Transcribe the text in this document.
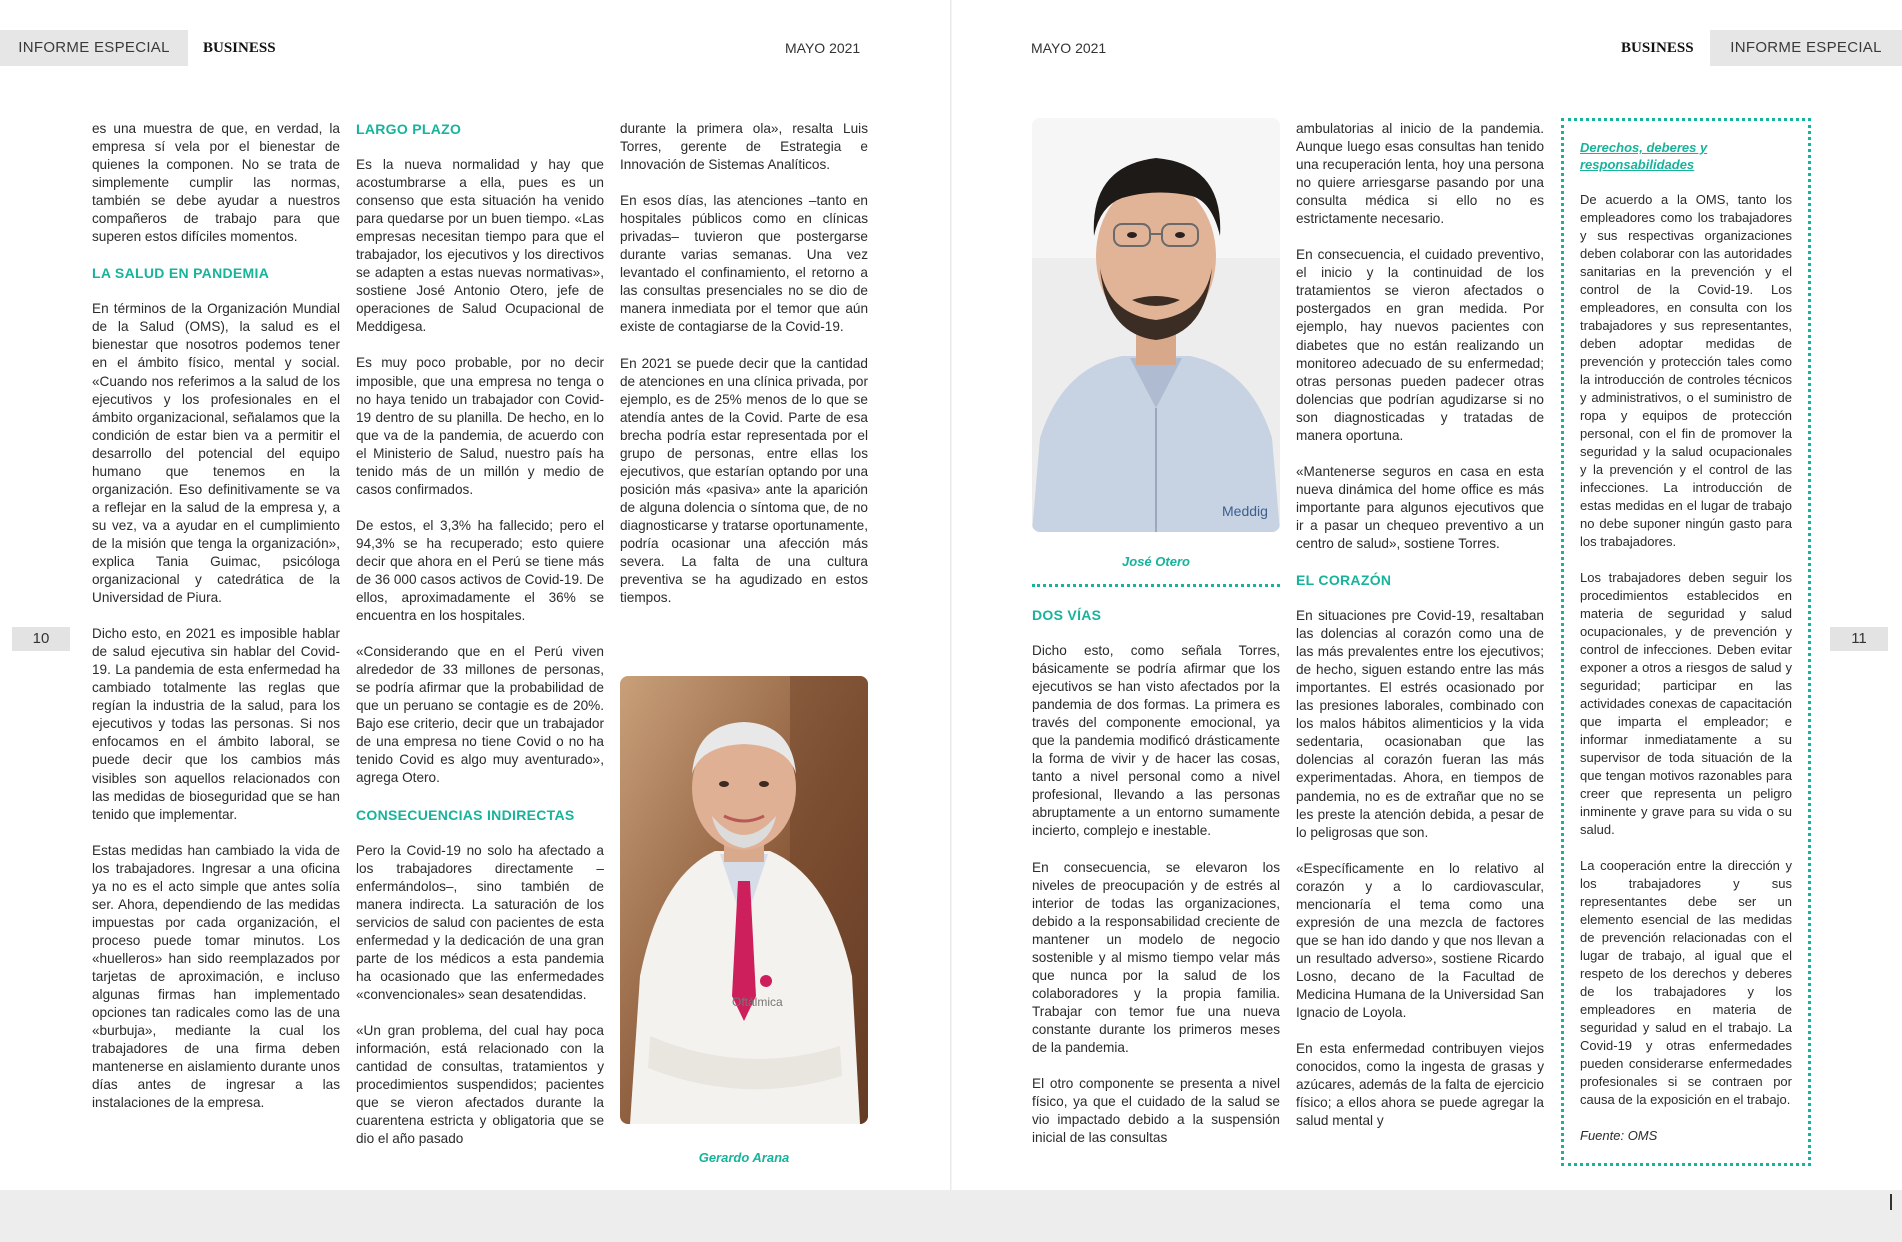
INFORME ESPECIAL	BUSINESS	MAYO 2021	MAYO 2021	BUSINESS	INFORME ESPECIAL
10	11

es una muestra de que, en verdad, la empresa sí vela por el bienestar de quienes la componen. No se trata de simplemente cumplir las normas, también se debe ayudar a nuestros compañeros de trabajo para que superen estos difíciles momentos.

LA SALUD EN PANDEMIA

En términos de la Organización Mundial de la Salud (OMS), la salud es el bienestar que nosotros podemos tener en el ámbito físico, mental y social. «Cuando nos referimos a la salud de los ejecutivos y los profesionales en el ámbito organizacional, señalamos que la condición de estar bien va a permitir el desarrollo del potencial del equipo humano que tenemos en la organización. Eso definitivamente se va a reflejar en la salud de la empresa y, a su vez, va a ayudar en el cumplimiento de la misión que tenga la organización», explica Tania Guimac, psicóloga organizacional y catedrática de la Universidad de Piura.

Dicho esto, en 2021 es imposible hablar de salud ejecutiva sin hablar del Covid-19. La pandemia de esta enfermedad ha cambiado totalmente las reglas que regían la industria de la salud, para los ejecutivos y todas las personas. Si nos enfocamos en el ámbito laboral, se puede decir que los cambios más visibles son aquellos relacionados con las medidas de bioseguridad que se han tenido que implementar.

Estas medidas han cambiado la vida de los trabajadores. Ingresar a una oficina ya no es el acto simple que antes solía ser. Ahora, dependiendo de las medidas impuestas por cada organización, el proceso puede tomar minutos. Los «huelleros» han sido reemplazados por tarjetas de aproximación, e incluso algunas firmas han implementado opciones tan radicales como las de una «burbuja», mediante la cual los trabajadores de una firma deben mantenerse en aislamiento durante unos días antes de ingresar a las instalaciones de la empresa.

LARGO PLAZO

Es la nueva normalidad y hay que acostumbrarse a ella, pues es un consenso que esta situación ha venido para quedarse por un buen tiempo. «Las empresas necesitan tiempo para que el trabajador, los ejecutivos y los directivos se adapten a estas nuevas normativas», sostiene José Antonio Otero, jefe de operaciones de Salud Ocupacional de Meddigesa.

Es muy poco probable, por no decir imposible, que una empresa no tenga o no haya tenido un trabajador con Covid-19 dentro de su planilla. De hecho, en lo que va de la pandemia, de acuerdo con el Ministerio de Salud, nuestro país ha tenido más de un millón y medio de casos confirmados.

De estos, el 3,3% ha fallecido; pero el 94,3% se ha recuperado; esto quiere decir que ahora en el Perú se tiene más de 36 000 casos activos de Covid-19. De ellos, aproximadamente el 36% se encuentra en los hospitales.

«Considerando que en el Perú viven alrededor de 33 millones de personas, se podría afirmar que la probabilidad de que un peruano se contagie es de 20%. Bajo ese criterio, decir que un trabajador de una empresa no tiene Covid o no ha tenido Covid es algo muy aventurado», agrega Otero.

CONSECUENCIAS INDIRECTAS

Pero la Covid-19 no solo ha afectado a los trabajadores directamente –enfermándolos–, sino también de manera indirecta. La saturación de los servicios de salud con pacientes de esta enfermedad y la dedicación de una gran parte de los médicos a esta pandemia ha ocasionado que las enfermedades «convencionales» sean desatendidas.

«Un gran problema, del cual hay poca información, está relacionado con la cantidad de consultas, tratamientos y procedimientos suspendidos; pacientes que se vieron afectados durante la cuarentena estricta y obligatoria que se dio el año pasado

durante la primera ola», resalta Luis Torres, gerente de Estrategia e Innovación de Sistemas Analíticos.

En esos días, las atenciones –tanto en hospitales públicos como en clínicas privadas– tuvieron que postergarse durante varias semanas. Una vez levantado el confinamiento, el retorno a las consultas presenciales no se dio de manera inmediata por el temor que aún existe de contagiarse de la Covid-19.

En 2021 se puede decir que la cantidad de atenciones en una clínica privada, por ejemplo, es de 25% menos de lo que se atendía antes de la Covid. Parte de esa brecha podría estar representada por el grupo de personas, entre ellas los ejecutivos, que estarían optando por una posición más «pasiva» ante la aparición de alguna dolencia o síntoma que, de no diagnosticarse y tratarse oportunamente, podría ocasionar una afección más severa. La falta de una cultura preventiva se ha agudizado en estos tiempos.

Oftálmica
Gerardo Arana
Meddig
José Otero
DOS VÍAS

Dicho esto, como señala Torres, básicamente se podría afirmar que los ejecutivos se han visto afectados por la pandemia de dos formas. La primera es través del componente emocional, ya que la pandemia modificó drásticamente la forma de vivir y de hacer las cosas, tanto a nivel personal como a nivel profesional, llevando a las personas abruptamente a un entorno sumamente incierto, complejo e inestable.

En consecuencia, se elevaron los niveles de preocupación y de estrés al interior de todas las organizaciones, debido a la responsabilidad creciente de mantener un modelo de negocio sostenible y al mismo tiempo velar más que nunca por la salud de los colaboradores y la propia familia. Trabajar con temor fue una nueva constante durante los primeros meses de la pandemia.

El otro componente se presenta a nivel físico, ya que el cuidado de la salud se vio impactado debido a la suspensión inicial de las consultas

ambulatorias al inicio de la pandemia. Aunque luego esas consultas han tenido una recuperación lenta, hoy una persona no quiere arriesgarse pasando por una consulta médica si ello no es estrictamente necesario.

En consecuencia, el cuidado preventivo, el inicio y la continuidad de los tratamientos se vieron afectados o postergados en gran medida. Por ejemplo, hay nuevos pacientes con diabetes que no están realizando un monitoreo adecuado de su enfermedad; otras personas pueden padecer otras dolencias que podrían agudizarse si no son diagnosticadas y tratadas de manera oportuna.

«Mantenerse seguros en casa en esta nueva dinámica del home office es más importante para algunos ejecutivos que ir a pasar un chequeo preventivo a un centro de salud», sostiene Torres.

EL CORAZÓN

En situaciones pre Covid-19, resaltaban las dolencias al corazón como una de las más prevalentes entre los ejecutivos; de hecho, siguen estando entre las más importantes. El estrés ocasionado por las presiones laborales, combinado con los malos hábitos alimenticios y la vida sedentaria, ocasionaban que las dolencias al corazón fueran las más experimentadas. Ahora, en tiempos de pandemia, no es de extrañar que no se les preste la atención debida, a pesar de lo peligrosas que son.

«Específicamente en lo relativo al corazón y a lo cardiovascular, mencionaría el tema como una expresión de una mezcla de factores que se han ido dando y que nos llevan a un resultado adverso», sostiene Ricardo Losno, decano de la Facultad de Medicina Humana de la Universidad San Ignacio de Loyola.

En esta enfermedad contribuyen viejos conocidos, como la ingesta de grasas y azúcares, además de la falta de ejercicio físico; a ellos ahora se puede agregar la salud mental y

Derechos, deberes y responsabilidades

De acuerdo a la OMS, tanto los empleadores como los trabajadores y sus respectivas organizaciones deben colaborar con las autoridades sanitarias en la prevención y el control de la Covid-19. Los empleadores, en consulta con los trabajadores y sus representantes, deben adoptar medidas de prevención y protección tales como la introducción de controles técnicos y administrativos, o el suministro de ropa y equipos de protección personal, con el fin de promover la seguridad y la salud ocupacionales y la prevención y el control de las infecciones. La introducción de estas medidas en el lugar de trabajo no debe suponer ningún gasto para los trabajadores.

Los trabajadores deben seguir los procedimientos establecidos en materia de seguridad y salud ocupacionales, y de prevención y control de infecciones. Deben evitar exponer a otros a riesgos de salud y seguridad; participar en las actividades conexas de capacitación que imparta el empleador; e informar inmediatamente a su supervisor de toda situación de la que tengan motivos razonables para creer que representa un peligro inminente y grave para su vida o su salud.

La cooperación entre la dirección y los trabajadores y sus representantes debe ser un elemento esencial de las medidas de prevención relacionadas con el lugar de trabajo, al igual que el respeto de los derechos y deberes de los trabajadores y los empleadores en materia de seguridad y salud en el trabajo. La Covid-19 y otras enfermedades pueden considerarse enfermedades profesionales si se contraen por causa de la exposición en el trabajo.

Fuente: OMS
